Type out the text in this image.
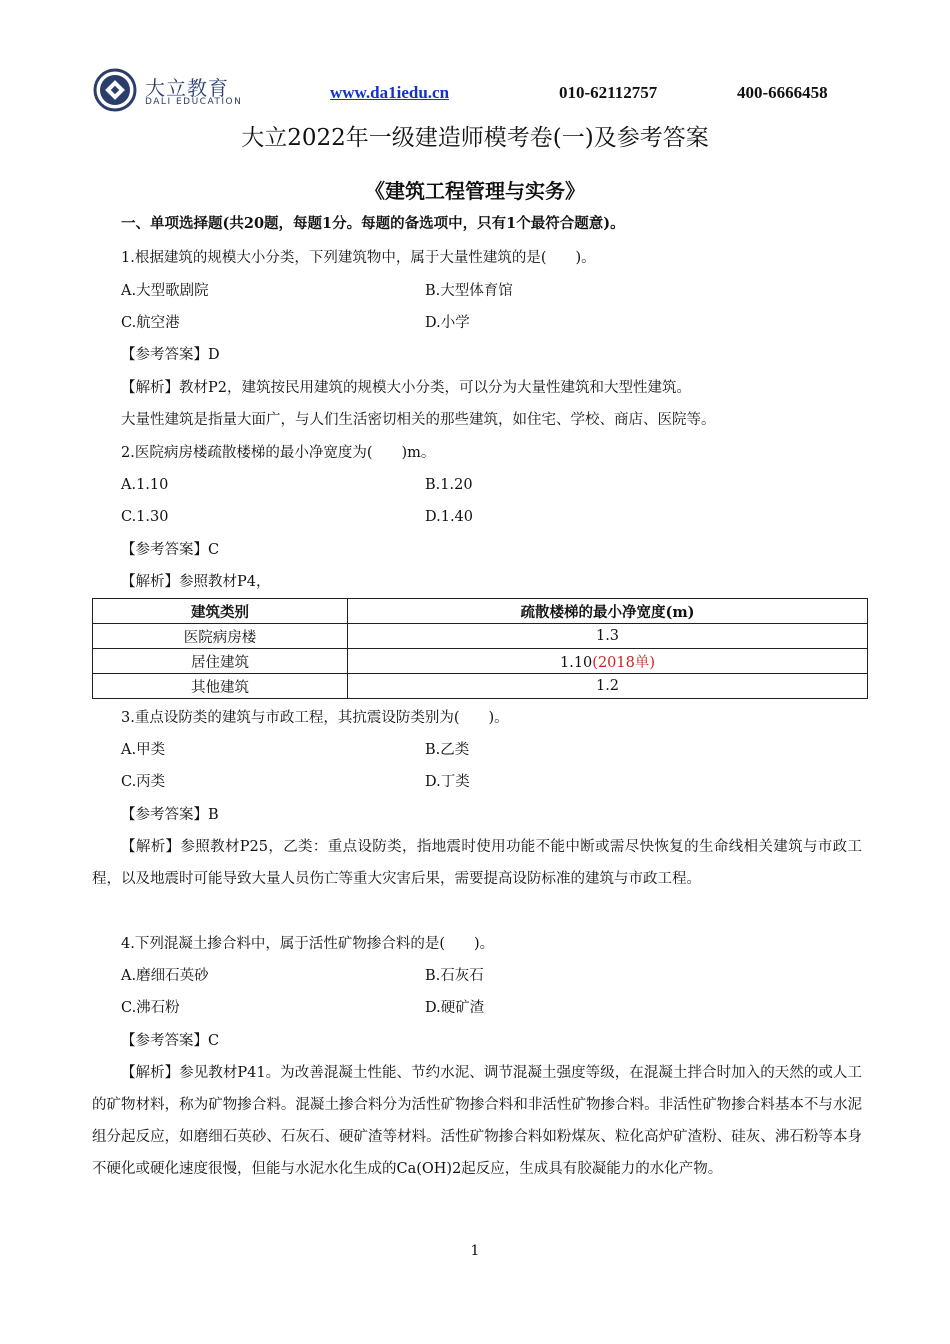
大立教育
DALI EDUCATION	www.da1iedu.cn	010-62112757	400-6666458
大立2022年一级建造师模考卷(一)及参考答案
《建筑工程管理与实务》
一、单项选择题(共20题，每题1分。每题的备选项中，只有1个最符合题意)。
1.根据建筑的规模大小分类，下列建筑物中，属于大量性建筑的是(　　)。
A.大型歌剧院	B.大型体育馆
C.航空港	D.小学
【参考答案】D
【解析】教材P2，建筑按民用建筑的规模大小分类，可以分为大量性建筑和大型性建筑。
大量性建筑是指量大面广，与人们生活密切相关的那些建筑，如住宅、学校、商店、医院等。
2.医院病房楼疏散楼梯的最小净宽度为(　　)m。
A.1.10	B.1.20
C.1.30	D.1.40
【参考答案】C
【解析】参照教材P4，
建筑类别	疏散楼梯的最小净宽度(m)
医院病房楼	1.3
居住建筑	1.10(2018单)
其他建筑	1.2
3.重点设防类的建筑与市政工程，其抗震设防类别为(　　)。
A.甲类	B.乙类
C.丙类	D.丁类
【参考答案】B
【解析】参照教材P25，乙类：重点设防类，指地震时使用功能不能中断或需尽快恢复的生命线相关建筑与市政工程，以及地震时可能导致大量人员伤亡等重大灾害后果，需要提高设防标准的建筑与市政工程。
4.下列混凝土掺合料中，属于活性矿物掺合料的是(　　)。
A.磨细石英砂	B.石灰石
C.沸石粉	D.硬矿渣
【参考答案】C
【解析】参见教材P41。为改善混凝土性能、节约水泥、调节混凝土强度等级，在混凝土拌合时加入的天然的或人工的矿物材料，称为矿物掺合料。混凝土掺合料分为活性矿物掺合料和非活性矿物掺合料。非活性矿物掺合料基本不与水泥组分起反应，如磨细石英砂、石灰石、硬矿渣等材料。活性矿物掺合料如粉煤灰、粒化高炉矿渣粉、硅灰、沸石粉等本身不硬化或硬化速度很慢，但能与水泥水化生成的Ca(OH)2起反应，生成具有胶凝能力的水化产物。
1
